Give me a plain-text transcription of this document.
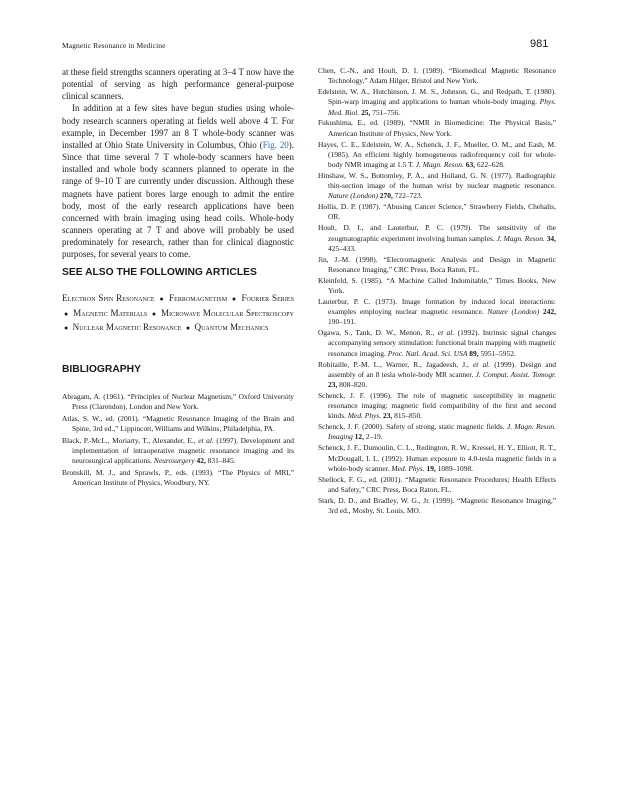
Magnetic Resonance in Medicine	981

at these field strengths scanners operating at 3–4 T now have the potential of serving as high performance general-purpose clinical scanners.

In addition at a few sites have begun studies using whole-body research scanners operating at fields well above 4 T. For example, in December 1997 an 8 T whole-body scanner was installed at Ohio State University in Columbus, Ohio (Fig. 20). Since that time several 7 T whole-body scanners have been installed and whole body scanners planned to operate in the range of 9–10 T are currently under discussion. Although these magnets have patient bores large enough to admit the entire body, most of the early research applications have been concerned with brain imaging using head coils. Whole-body scanners operating at 7 T and above will probably be used predominately for research, rather than for clinical diagnostic purposes, for several years to come.

SEE ALSO THE FOLLOWING ARTICLES

Electron Spin Resonance ● Ferromagnetism ● Fourier Series ● Magnetic Materials ● Microwave Molecular Spectroscopy ● Nuclear Magnetic Resonance ● Quantum Mechanics

BIBLIOGRAPHY
Abragam, A. (1961). “Principles of Nuclear Magnetism,” Oxford University Press (Clarendon), London and New York.
Atlas, S. W., ed. (2001). “Magnetic Resonance Imaging of the Brain and Spine, 3rd ed.,” Lippincott, Williams and Wilkins, Philadelphia, PA.
Black, P.-McL., Moriarty, T., Alexander, E., et al. (1997). Development and implementation of intraoperative magnetic resonance imaging and its neurosurgical applications. Neurosurgery 42, 831–845.
Bronskill, M. J., and Sprawls, P., eds. (1993). “The Physics of MRI,” American Institute of Physics, Woodbury, NY.
Chen, C.-N., and Hoult, D. I. (1989). “Biomedical Magnetic Resonance Technology,” Adam Hilger, Bristol and New York.
Edelstein, W. A., Hutchinson, J. M. S., Johnson, G., and Redpath, T. (1980). Spin-warp imaging and applications to human whole-body imaging. Phys. Med. Biol. 25, 751–756.
Fukushima, E., ed. (1989). “NMR in Biomedicine: The Physical Basis,” American Institute of Physics, New York.
Hayes, C. E., Edelstein, W. A., Schenck, J. F., Mueller, O. M., and Eash, M. (1985). An efficient highly homogeneous radiofrequency coil for whole-body NMR imaging at 1.5 T. J. Magn. Reson. 63, 622–628.
Hinshaw, W. S., Bottomley, P. A., and Holland, G. N. (1977). Radiographic thin-section image of the human wrist by nuclear magnetic resonance. Nature (London) 270, 722–723.
Hollis, D. P. (1987). “Abusing Cancer Science,” Strawberry Fields, Chehalis, OR.
Hoult, D. I., and Lauterbur, P. C. (1979). The sensitivity of the zeugmatographic experiment involving human samples. J. Magn. Reson. 34, 425–433.
Jin, J.-M. (1998). “Electromagnetic Analysis and Design in Magnetic Resonance Imaging,” CRC Press, Boca Raton, FL.
Kleinfeld, S. (1985). “A Machine Called Indomitable,” Times Books, New York.
Lauterbur, P. C. (1973). Image formation by induced local interactions: examples employing nuclear magnetic resonance. Nature (London) 242, 190–191.
Ogawa, S., Tank, D. W., Menon, R., et al. (1992). Intrinsic signal changes accompanying sensory stimulation: functional brain mapping with magnetic resonance imaging. Proc. Natl. Acad. Sci. USA 89, 5951–5952.
Robitaille, P.-M. L., Warner, R., Jagadeesh, J., et al. (1999). Design and assembly of an 8 tesla whole-body MR scanner. J. Comput. Assist. Tomogr. 23, 808–820.
Schenck, J. F. (1996). The role of magnetic susceptibility in magnetic resonance imaging: magnetic field compatibility of the first and second kinds. Med. Phys. 23, 815–850.
Schenck, J. F. (2000). Safety of strong, static magnetic fields. J. Magn. Reson. Imaging 12, 2–19.
Schenck, J. F., Dumoulin, C. L., Redington, R. W., Kressel, H. Y., Elliott, R. T., McDougall, I. L. (1992). Human exposure to 4.0-tesla magnetic fields in a whole-body scanner. Med. Phys. 19, 1089–1098.
Shellock, F. G., ed. (2001). “Magnetic Resonance Procedures; Health Effects and Safety,” CRC Press, Boca Raton, FL.
Stark, D. D., and Bradley, W. G., Jr. (1999). “Magnetic Resonance Imaging,” 3rd ed., Mosby, St. Louis, MO.
